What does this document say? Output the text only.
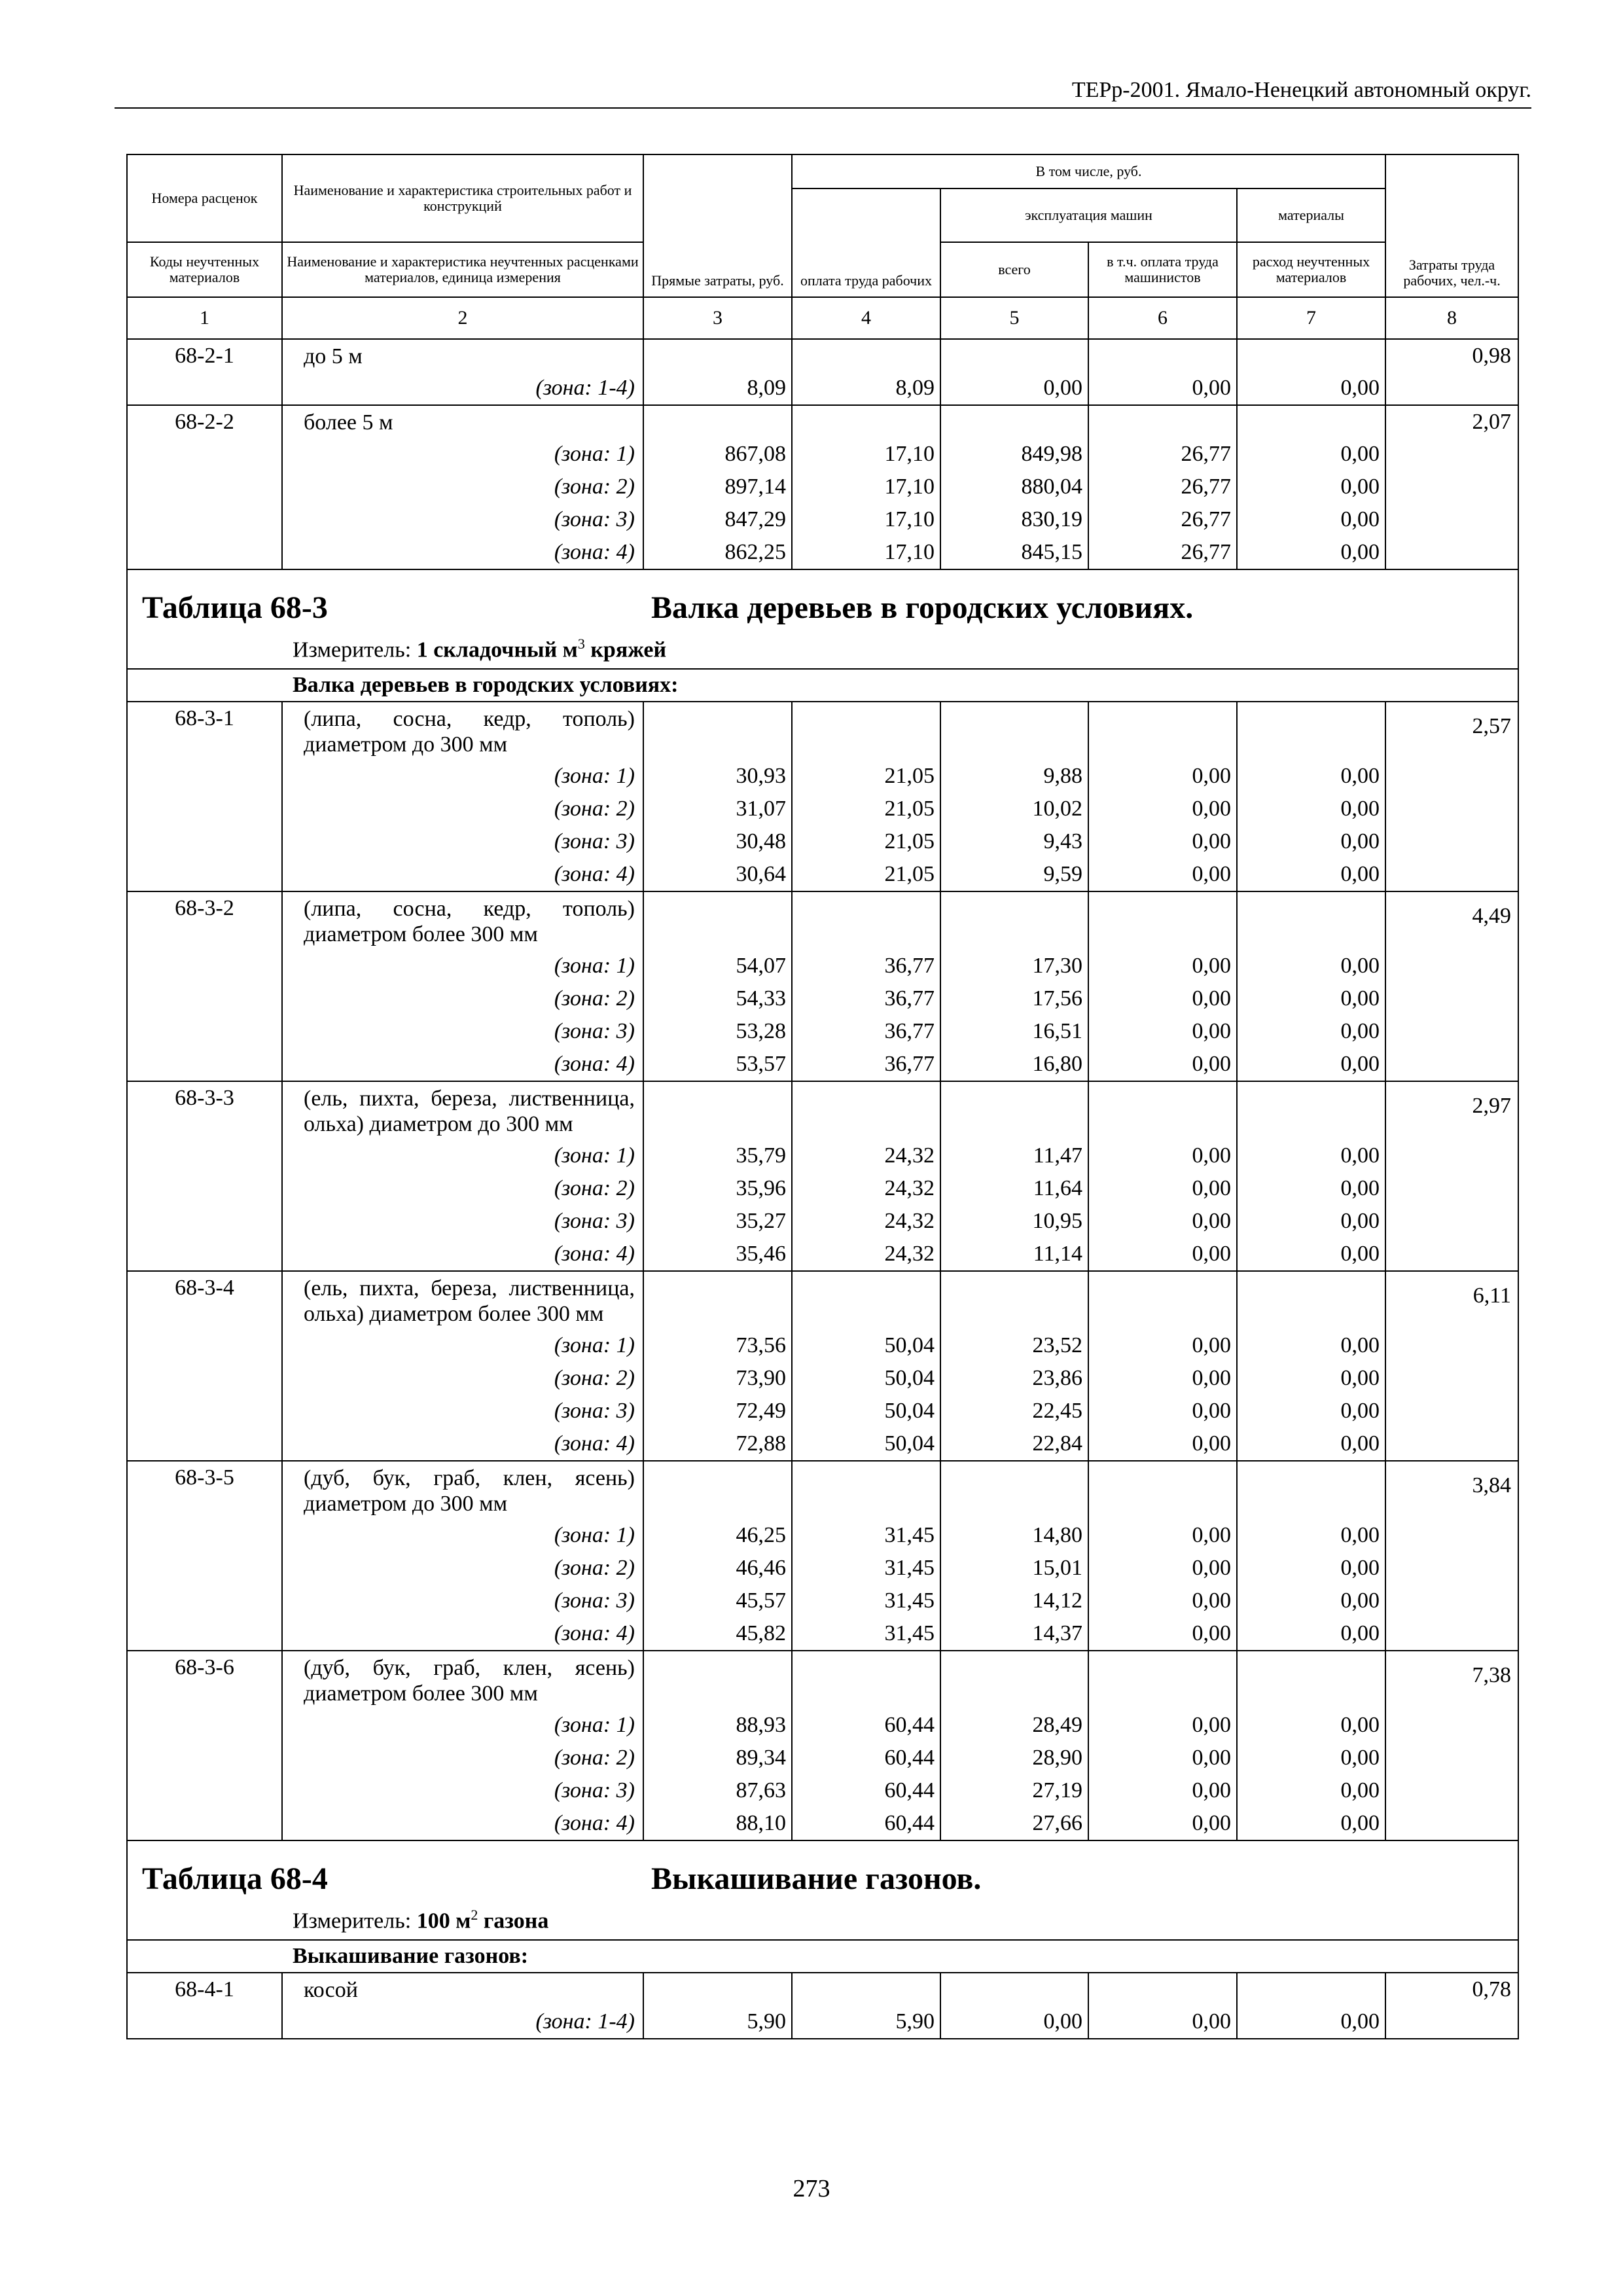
ТЕРр-2001. Ямало-Ненецкий автономный округ.
Номера расценок	Наименование и характеристика строительных работ и конструкций	Прямые затраты, руб.	В том числе, руб.				Затраты труда рабочих, чел.-ч.
			оплата труда рабочих	эксплуатация машин		материалы	
Коды неучтенных материалов	Наименование и характеристика неучтенных расценками материалов, единица измерения			всего	в т.ч. оплата труда машинистов	расход неучтенных материалов	
1	2	3	4	5	6	7	8
68-2-1	до 5 м						0,98
	(зона: 1-4)	8,09	8,09	0,00	0,00	0,00	
68-2-2	более 5 м						2,07
	(зона: 1)	867,08	17,10	849,98	26,77	0,00	
	(зона: 2)	897,14	17,10	880,04	26,77	0,00	
	(зона: 3)	847,29	17,10	830,19	26,77	0,00	
	(зона: 4)	862,25	17,10	845,15	26,77	0,00	

Таблица 68-3 Валка деревьев в городских условиях.
Измеритель: 1 складочный $м^3$ кряжей							

Валка деревьев в городских условиях:							
68-3-1	(липа, сосна, кедр, тополь) диаметром до 300 мм						2,57
	(зона: 1)	30,93	21,05	9,88	0,00	0,00	
	(зона: 2)	31,07	21,05	10,02	0,00	0,00	
	(зона: 3)	30,48	21,05	9,43	0,00	0,00	
	(зона: 4)	30,64	21,05	9,59	0,00	0,00	
68-3-2	(липа, сосна, кедр, тополь) диаметром более 300 мм						4,49
	(зона: 1)	54,07	36,77	17,30	0,00	0,00	
	(зона: 2)	54,33	36,77	17,56	0,00	0,00	
	(зона: 3)	53,28	36,77	16,51	0,00	0,00	
	(зона: 4)	53,57	36,77	16,80	0,00	0,00	
68-3-3	(ель, пихта, береза, лиственница, ольха) диаметром до 300 мм						2,97
	(зона: 1)	35,79	24,32	11,47	0,00	0,00	
	(зона: 2)	35,96	24,32	11,64	0,00	0,00	
	(зона: 3)	35,27	24,32	10,95	0,00	0,00	
	(зона: 4)	35,46	24,32	11,14	0,00	0,00	
68-3-4	(ель, пихта, береза, лиственница, ольха) диаметром более 300 мм						6,11
	(зона: 1)	73,56	50,04	23,52	0,00	0,00	
	(зона: 2)	73,90	50,04	23,86	0,00	0,00	
	(зона: 3)	72,49	50,04	22,45	0,00	0,00	
	(зона: 4)	72,88	50,04	22,84	0,00	0,00	
68-3-5	(дуб, бук, граб, клен, ясень) диаметром до 300 мм						3,84
	(зона: 1)	46,25	31,45	14,80	0,00	0,00	
	(зона: 2)	46,46	31,45	15,01	0,00	0,00	
	(зона: 3)	45,57	31,45	14,12	0,00	0,00	
	(зона: 4)	45,82	31,45	14,37	0,00	0,00	
68-3-6	(дуб, бук, граб, клен, ясень) диаметром более 300 мм						7,38
	(зона: 1)	88,93	60,44	28,49	0,00	0,00	
	(зона: 2)	89,34	60,44	28,90	0,00	0,00	
	(зона: 3)	87,63	60,44	27,19	0,00	0,00	
	(зона: 4)	88,10	60,44	27,66	0,00	0,00	

Таблица 68-4 Выкашивание газонов.
Измеритель: 100 $м^2$ газона							

Выкашивание газонов:							
68-4-1	косой						0,78
	(зона: 1-4)	5,90	5,90	0,00	0,00	0,00	

273
